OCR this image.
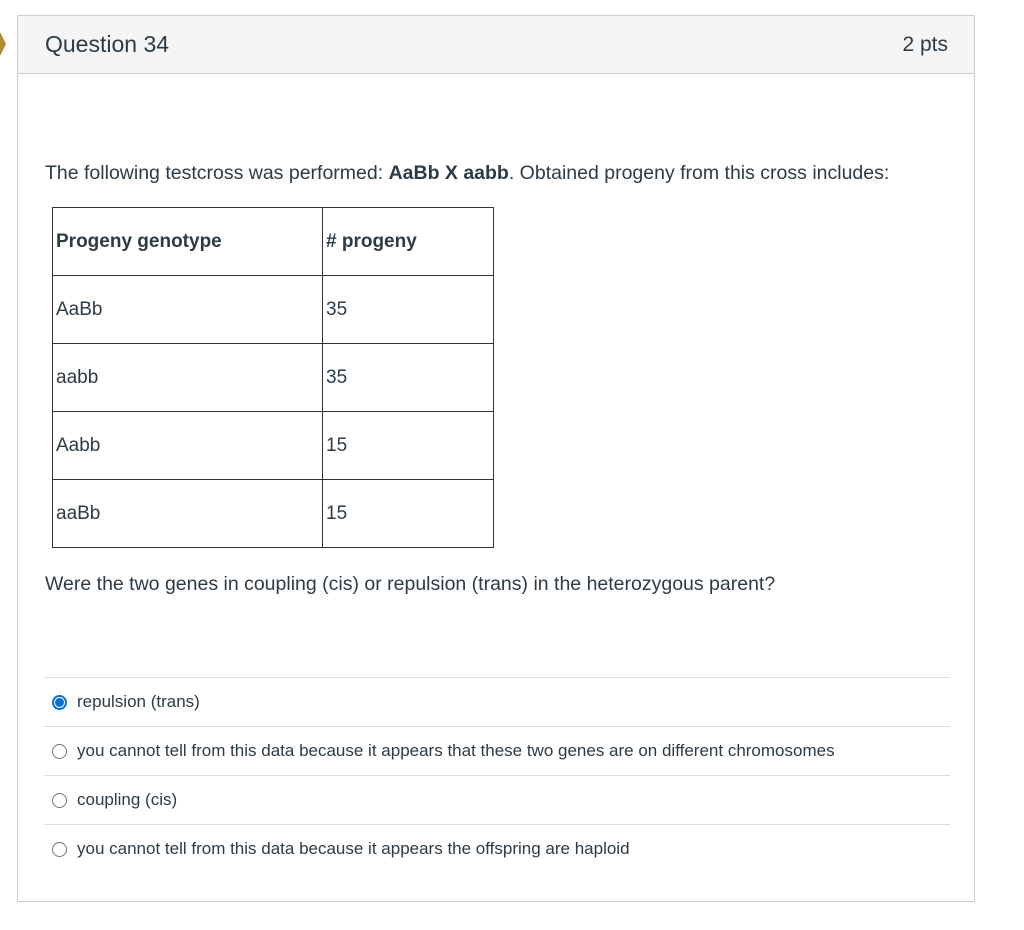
Question 34	2 pts
The following testcross was performed: AaBb X aabb. Obtained progeny from this cross includes:
Progeny genotype	# progeny
AaBb	35
aabb	35
Aabb	15
aaBb	15
Were the two genes in coupling (cis) or repulsion (trans) in the heterozygous parent?
repulsion (trans)
you cannot tell from this data because it appears that these two genes are on different chromosomes
coupling (cis)
you cannot tell from this data because it appears the offspring are haploid
